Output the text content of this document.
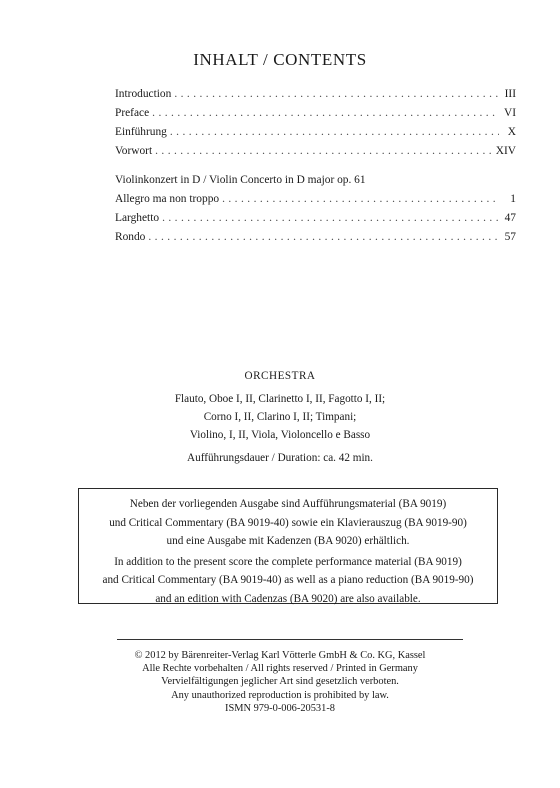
INHALT / CONTENTS
Introduction . . .	III
Preface . . .	VI
Einführung . . .	X
Vorwort . . .	XIV
Violinkonzert in D / Violin Concerto in D major op. 61
Allegro ma non troppo . . .	1
Larghetto . . .	47
Rondo . . .	57
ORCHESTRA
Flauto, Oboe I, II, Clarinetto I, II, Fagotto I, II;
Corno I, II, Clarino I, II; Timpani;
Violino, I, II, Viola, Violoncello e Basso
Aufführungsdauer / Duration: ca. 42 min.
Neben der vorliegenden Ausgabe sind Aufführungsmaterial (BA 9019)
und Critical Commentary (BA 9019-40) sowie ein Klavierauszug (BA 9019-90)
und eine Ausgabe mit Kadenzen (BA 9020) erhältlich.
In addition to the present score the complete performance material (BA 9019)
and Critical Commentary (BA 9019-40) as well as a piano reduction (BA 9019-90)
and an edition with Cadenzas (BA 9020) are also available.
© 2012 by Bärenreiter-Verlag Karl Vötterle GmbH & Co. KG, Kassel
Alle Rechte vorbehalten / All rights reserved / Printed in Germany
Vervielfältigungen jeglicher Art sind gesetzlich verboten.
Any unauthorized reproduction is prohibited by law.
ISMN 979-0-006-20531-8
